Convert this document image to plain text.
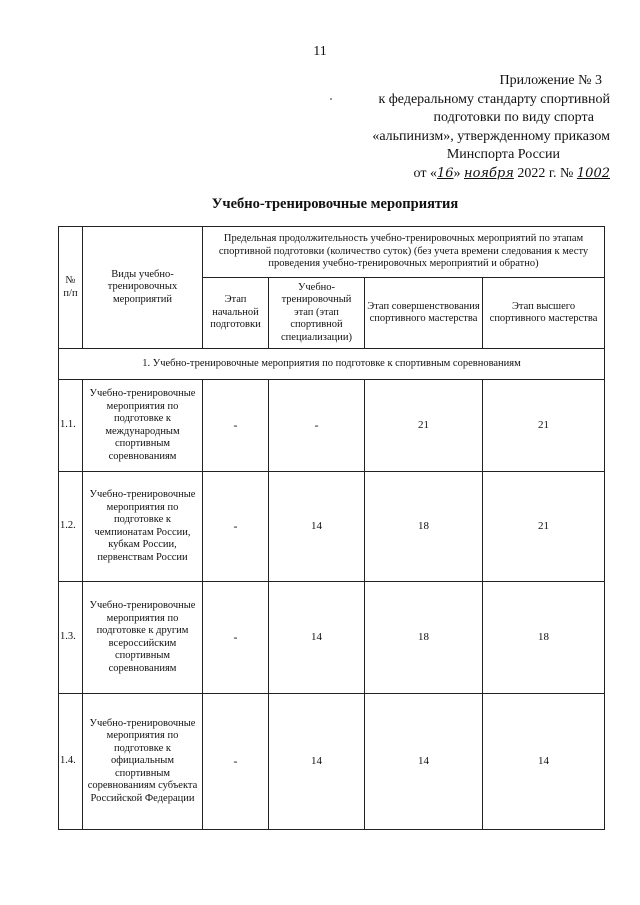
11
Приложение № 3
к федеральному стандарту спортивной
подготовки по виду спорта
«альпинизм», утвержденному приказом
Минспорта России
от «16» ноября 2022 г. № 1002
Учебно-тренировочные мероприятия
№ п/п	Виды учебно-тренировочных мероприятий	Предельная продолжительность учебно-тренировочных мероприятий по этапам спортивной подготовки (количество суток) (без учета времени следования к месту проведения учебно-тренировочных мероприятий и обратно)			
		Этап начальной подготовки	Учебно-тренировочный этап (этап спортивной специализации)	Этап совершенствования спортивного мастерства	Этап высшего спортивного мастерства
1. Учебно-тренировочные мероприятия по подготовке к спортивным соревнованиям					
1.1.	Учебно-тренировочные мероприятия по подготовке к международным спортивным соревнованиям	-	-	21	21
1.2.	Учебно-тренировочные мероприятия по подготовке к чемпионатам России, кубкам России, первенствам России	-	14	18	21
1.3.	Учебно-тренировочные мероприятия по подготовке к другим всероссийским спортивным соревнованиям	-	14	18	18
1.4.	Учебно-тренировочные мероприятия по подготовке к официальным спортивным соревнованиям субъекта Российской Федерации	-	14	14	14
